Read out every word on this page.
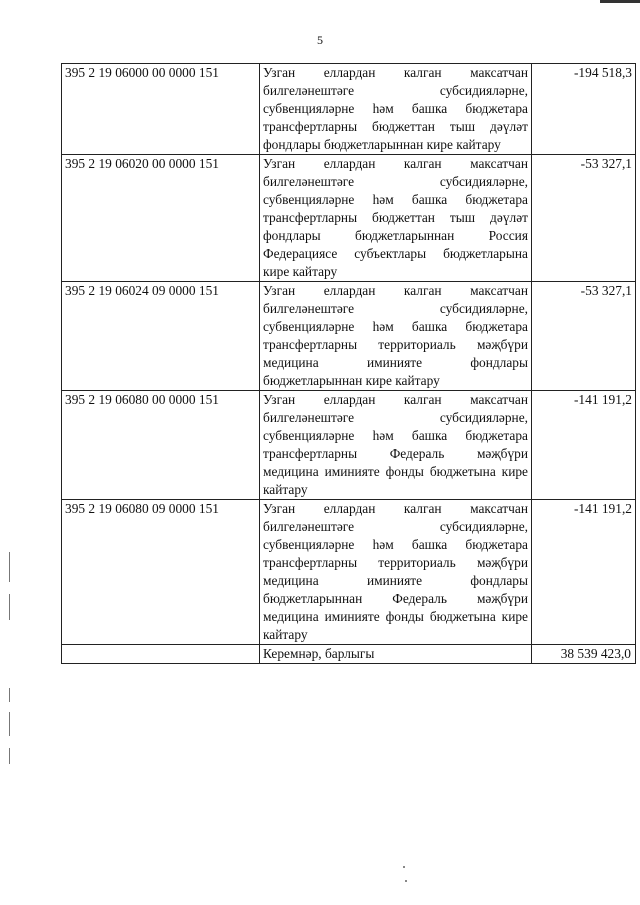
5
395 2 19 06000 00 0000 151	Узган еллардан калган максатчан билгеләнештәге субсидияләрне, субвенцияләрне һәм башка бюджетара трансфертларны бюджеттан тыш дәүләт фондлары бюджетларыннан кире кайтару	-194 518,3
395 2 19 06020 00 0000 151	Узган еллардан калган максатчан билгеләнештәге субсидияләрне, субвенцияләрне һәм башка бюджетара трансфертларны бюджеттан тыш дәүләт фондлары бюджетларыннан Россия Федерациясе субъектлары бюджетларына кире кайтару	-53 327,1
395 2 19 06024 09 0000 151	Узган еллардан калган максатчан билгеләнештәге субсидияләрне, субвенцияләрне һәм башка бюджетара трансфертларны территориаль мәҗбүри медицина иминияте фондлары бюджетларыннан кире кайтару	-53 327,1
395 2 19 06080 00 0000 151	Узган еллардан калган максатчан билгеләнештәге субсидияләрне, субвенцияләрне һәм башка бюджетара трансфертларны Федераль мәҗбүри медицина иминияте фонды бюджетына кире кайтару	-141 191,2
395 2 19 06080 09 0000 151	Узган еллардан калган максатчан билгеләнештәге субсидияләрне, субвенцияләрне һәм башка бюджетара трансфертларны территориаль мәҗбүри медицина иминияте фондлары бюджетларыннан Федераль мәҗбүри медицина иминияте фонды бюджетына кире кайтару	-141 191,2
	Керемнәр, барлыгы	38 539 423,0
